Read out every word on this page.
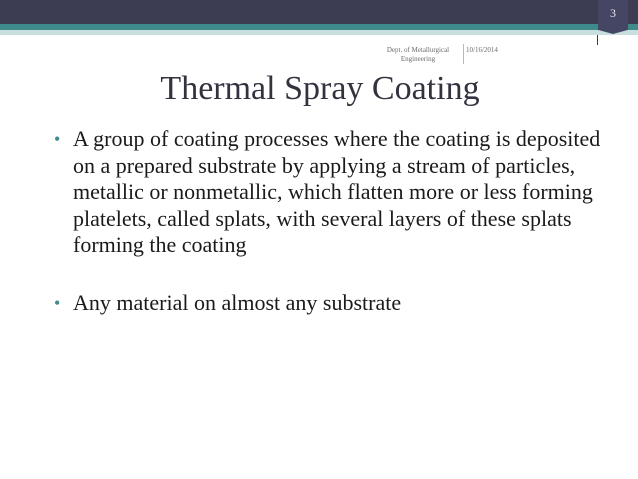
3
Dept. of Metallurgical Engineering
10/16/2014
Thermal Spray Coating
• A group of coating processes where the coating is deposited on a prepared substrate by applying a stream of particles, metallic or nonmetallic, which flatten more or less forming platelets, called splats, with several layers of these splats forming the coating
• Any material on almost any substrate
